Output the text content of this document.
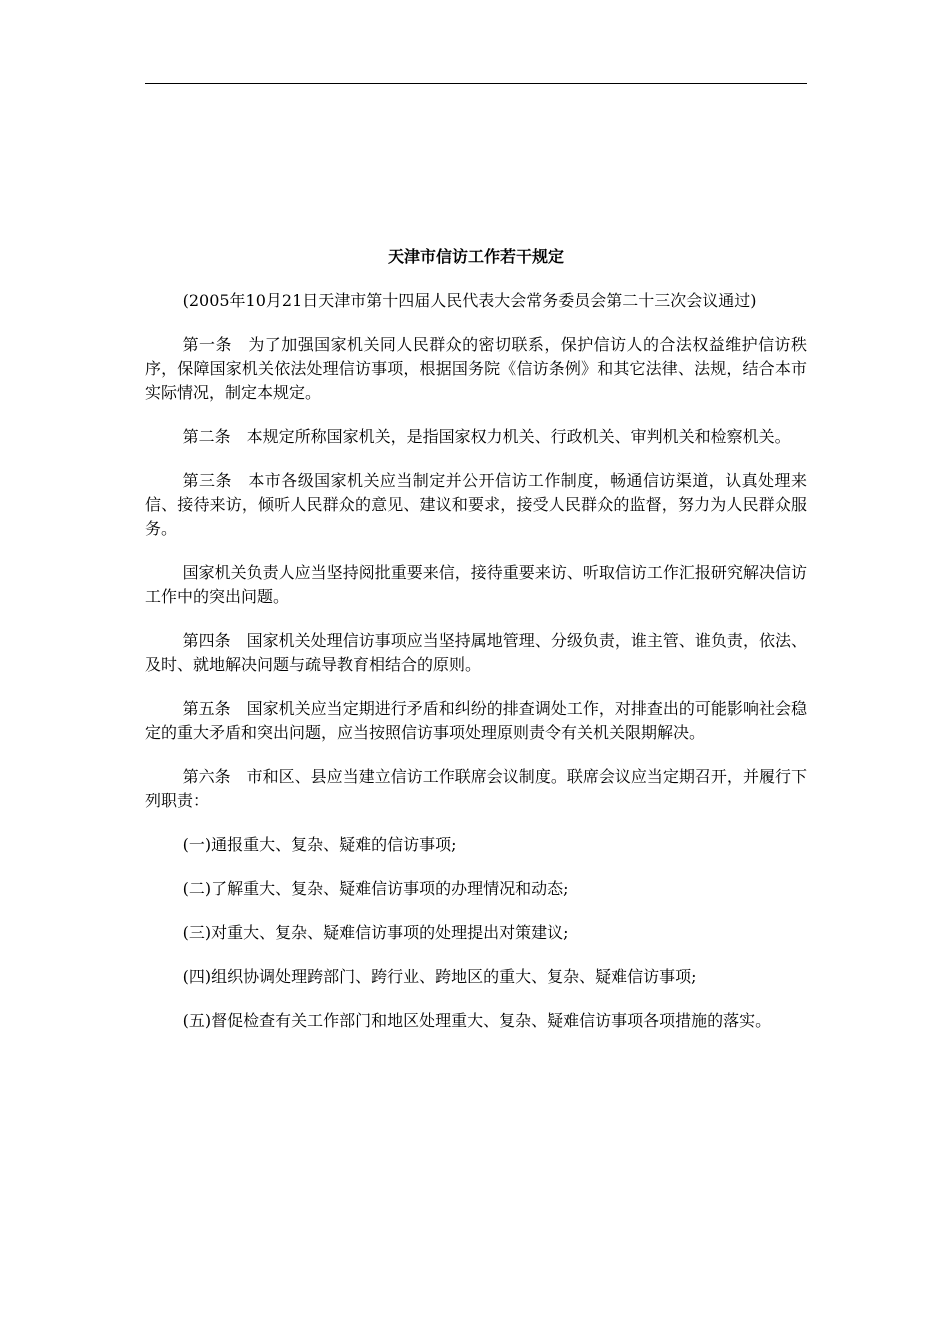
天津市信访工作若干规定

(2005年10月21日天津市第十四届人民代表大会常务委员会第二十三次会议通过)

第一条 为了加强国家机关同人民群众的密切联系，保护信访人的合法权益维护信访秩序，保障国家机关依法处理信访事项，根据国务院《信访条例》和其它法律、法规，结合本市实际情况，制定本规定。

第二条 本规定所称国家机关，是指国家权力机关、行政机关、审判机关和检察机关。

第三条 本市各级国家机关应当制定并公开信访工作制度，畅通信访渠道，认真处理来信、接待来访，倾听人民群众的意见、建议和要求，接受人民群众的监督，努力为人民群众服务。

国家机关负责人应当坚持阅批重要来信，接待重要来访、听取信访工作汇报研究解决信访工作中的突出问题。

第四条 国家机关处理信访事项应当坚持属地管理、分级负责，谁主管、谁负责，依法、及时、就地解决问题与疏导教育相结合的原则。

第五条 国家机关应当定期进行矛盾和纠纷的排查调处工作，对排查出的可能影响社会稳定的重大矛盾和突出问题，应当按照信访事项处理原则责令有关机关限期解决。

第六条 市和区、县应当建立信访工作联席会议制度。联席会议应当定期召开，并履行下列职责：

(一)通报重大、复杂、疑难的信访事项;

(二)了解重大、复杂、疑难信访事项的办理情况和动态;

(三)对重大、复杂、疑难信访事项的处理提出对策建议;

(四)组织协调处理跨部门、跨行业、跨地区的重大、复杂、疑难信访事项;

(五)督促检查有关工作部门和地区处理重大、复杂、疑难信访事项各项措施的落实。
